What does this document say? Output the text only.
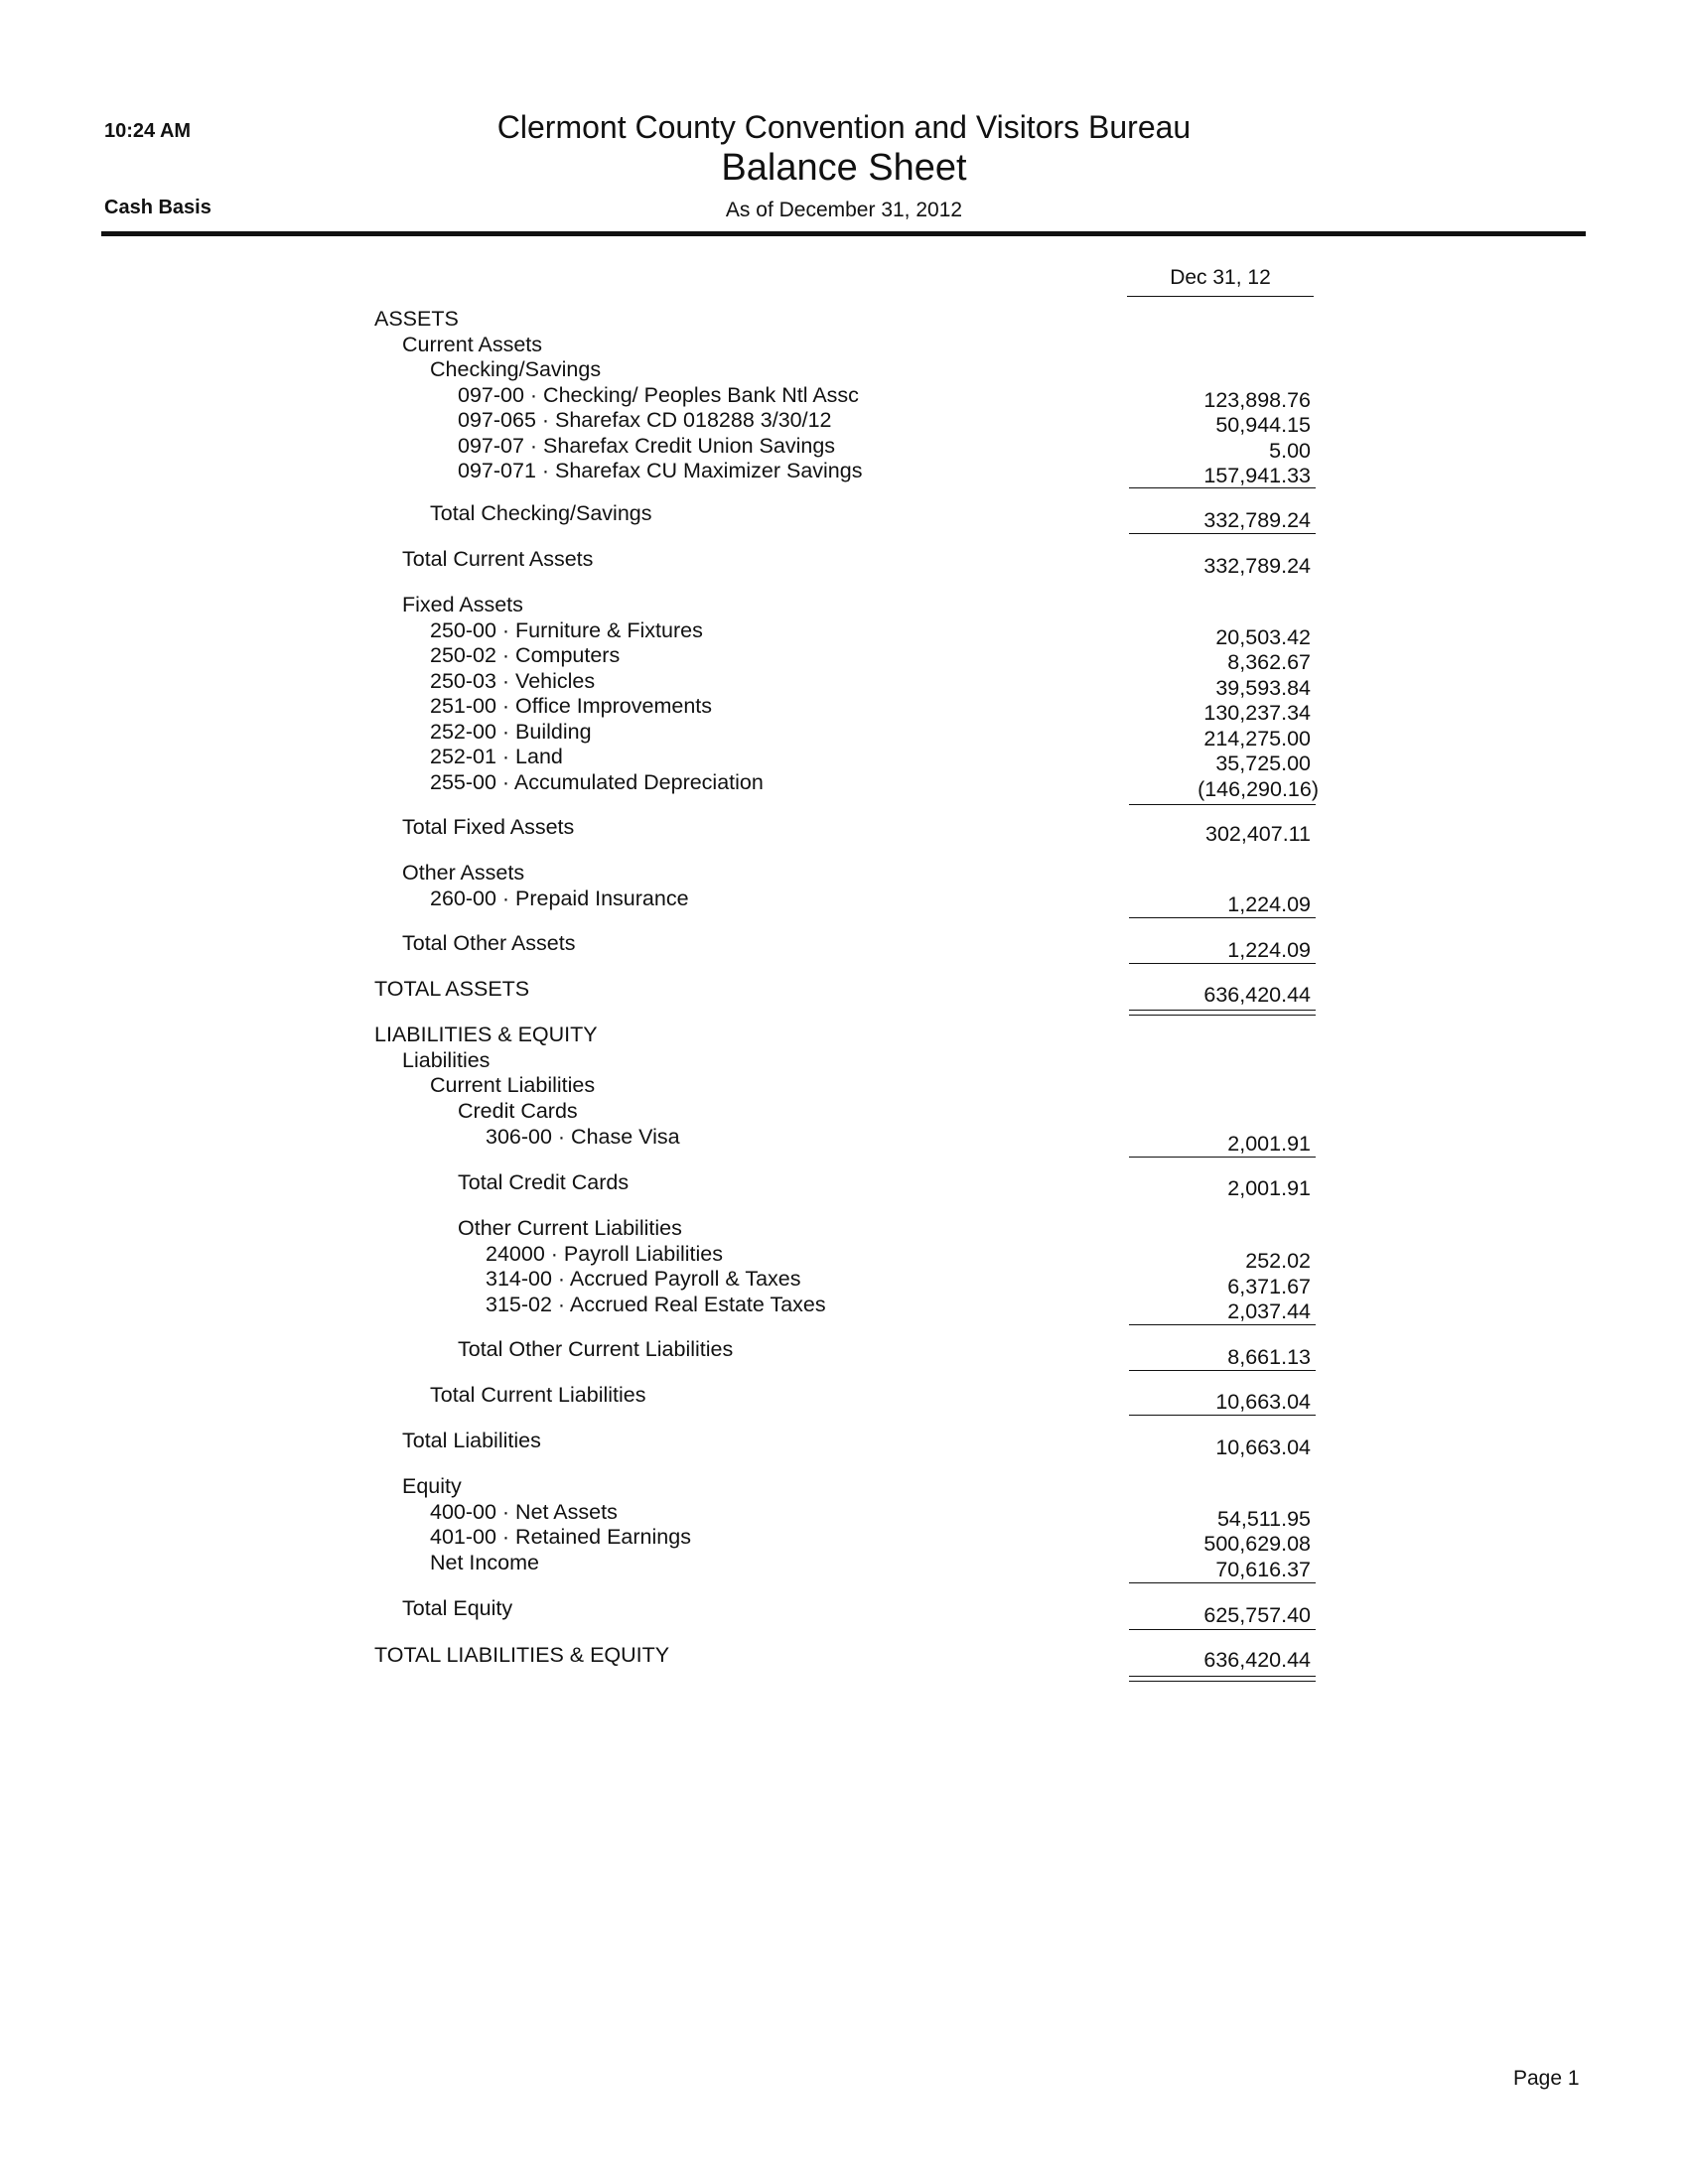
10:24 AM
Cash Basis
Clermont County Convention and Visitors Bureau
Balance Sheet
As of December 31, 2012
Dec 31, 12
ASSETS
Current Assets
Checking/Savings
097-00 · Checking/ Peoples Bank Ntl Assc	123,898.76
097-065 · Sharefax CD 018288 3/30/12	50,944.15
097-07 · Sharefax Credit Union Savings	5.00
097-071 · Sharefax CU Maximizer Savings	157,941.33
Total Checking/Savings	332,789.24
Total Current Assets	332,789.24
Fixed Assets
250-00 · Furniture & Fixtures	20,503.42
250-02 · Computers	8,362.67
250-03 · Vehicles	39,593.84
251-00 · Office Improvements	130,237.34
252-00 · Building	214,275.00
252-01 · Land	35,725.00
255-00 · Accumulated Depreciation	(146,290.16)
Total Fixed Assets	302,407.11
Other Assets
260-00 · Prepaid Insurance	1,224.09
Total Other Assets	1,224.09
TOTAL ASSETS	636,420.44
LIABILITIES & EQUITY
Liabilities
Current Liabilities
Credit Cards
306-00 · Chase Visa	2,001.91
Total Credit Cards	2,001.91
Other Current Liabilities
24000 · Payroll Liabilities	252.02
314-00 · Accrued Payroll & Taxes	6,371.67
315-02 · Accrued Real Estate Taxes	2,037.44
Total Other Current Liabilities	8,661.13
Total Current Liabilities	10,663.04
Total Liabilities	10,663.04
Equity
400-00 · Net Assets	54,511.95
401-00 · Retained Earnings	500,629.08
Net Income	70,616.37
Total Equity	625,757.40
TOTAL LIABILITIES & EQUITY	636,420.44
Page 1
